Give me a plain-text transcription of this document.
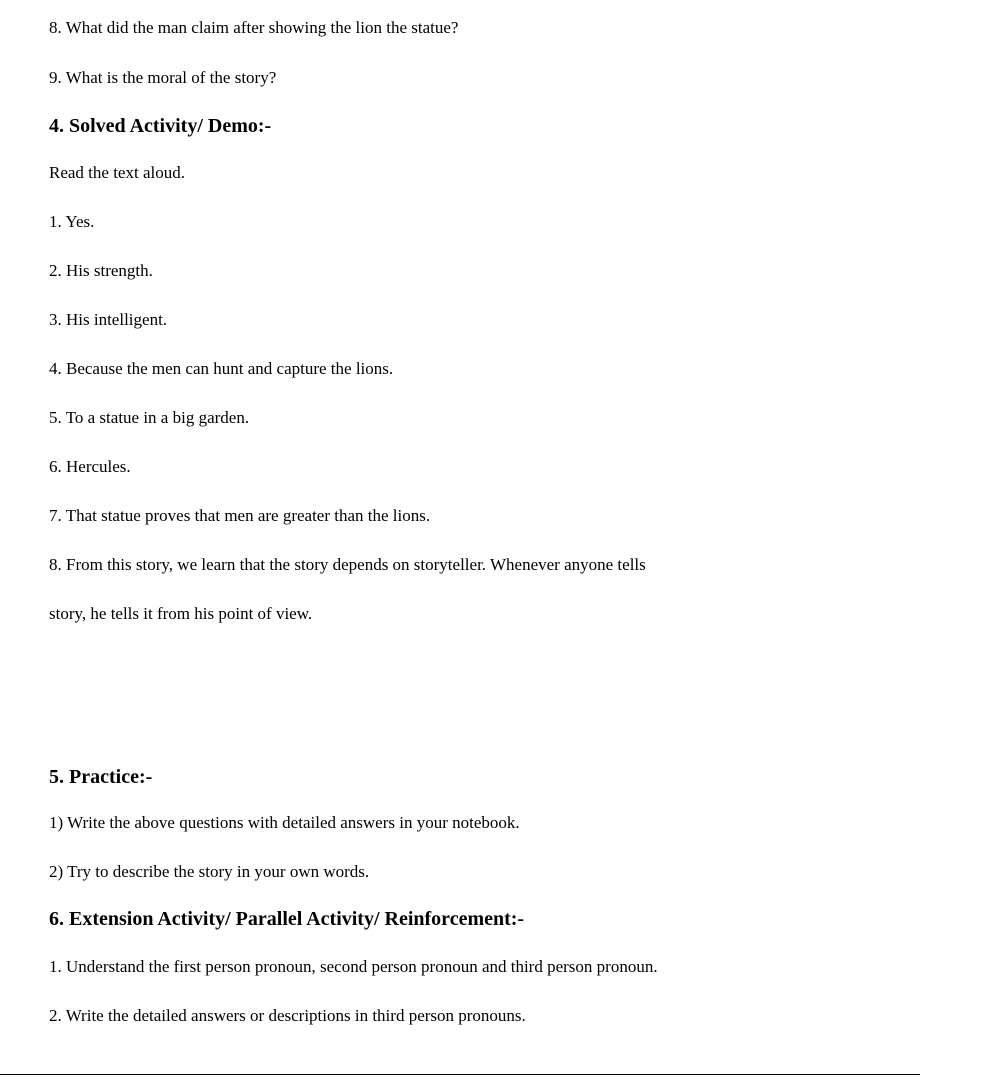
8. What did the man claim after showing the lion the statue?

9. What is the moral of the story?

4. Solved Activity/ Demo:-

Read the text aloud.

1. Yes.

2. His strength.

3. His intelligent.

4. Because the men can hunt and capture the lions.

5. To a statue in a big garden.

6. Hercules.

7. That statue proves that men are greater than the lions.

8. From this story, we learn that the story depends on storyteller. Whenever anyone tells

story, he tells it from his point of view.

5. Practice:-

1) Write the above questions with detailed answers in your notebook.

2) Try to describe the story in your own words.

6. Extension Activity/ Parallel Activity/ Reinforcement:-

1. Understand the first person pronoun, second person pronoun and third person pronoun.

2. Write the detailed answers or descriptions in third person pronouns.
